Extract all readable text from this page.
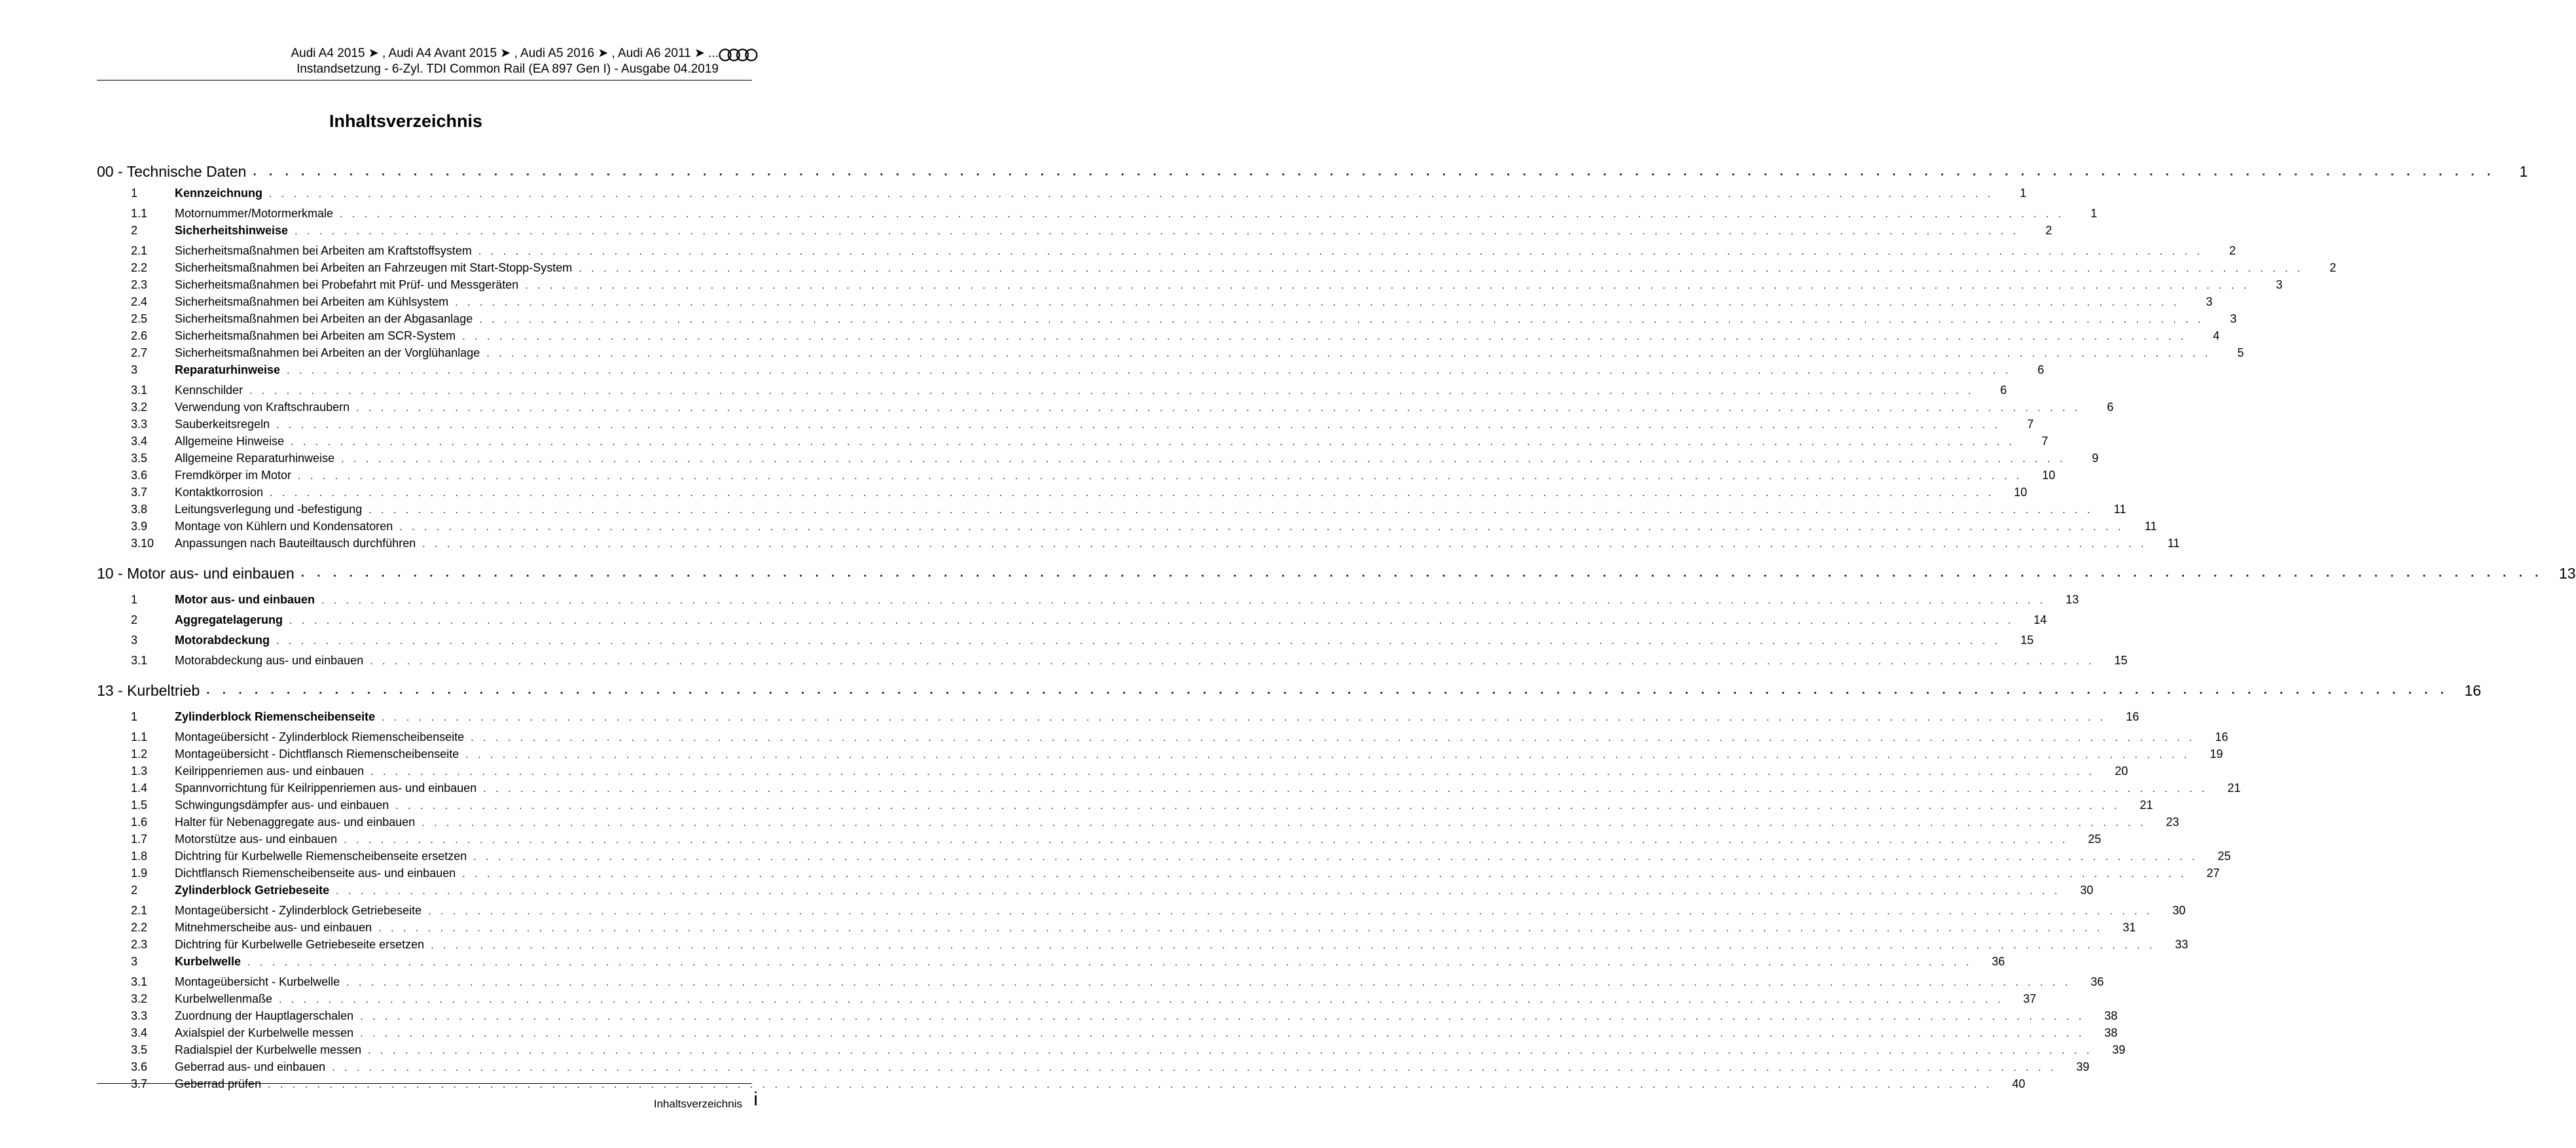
Audi A4 2015 ➤ , Audi A4 Avant 2015 ➤ , Audi A5 2016 ➤ , Audi A6 2011 ➤ ...
Instandsetzung - 6-Zyl. TDI Common Rail (EA 897 Gen I) - Ausgabe 04.2019
Inhaltsverzeichnis
00 - Technische Daten . . . . . . . . . . . . . . . . . . . . . . . . . . . . . . . . . . . . . . . . . . . . . . . . . . . . . . . . . . . . . . . . . . . . . . . . . . . . . . . . . . . . . . . . . . . . . . . . . . . . . . . . . . . . . . . . . . . . . . . . . . . . . . . . . . . . . . . . . . . .	1
1	Kennzeichnung . . . . . . . . . . . . . . . . . . . . . . . . . . . . . . . . . . . . . . . . . . . . . . . . . . . . . . . . . . . . . . . . . . . . . . . . . . . . . . . . . . . . . . . . . . . . . . . . . . . . . . . . . . . . . . . . . . . . . . . . . . . . . . . . . . . . . . . . . . . .	1
1.1	Motornummer/Motormerkmale . . . . . . . . . . . . . . . . . . . . . . . . . . . . . . . . . . . . . . . . . . . . . . . . . . . . . . . . . . . . . . . . . . . . . . . . . . . . . . . . . . . . . . . . . . . . . . . . . . . . . . . . . . . . . . . . . . . . . . . . . . . . . . . . . . . . . . . . . . . .	1
2	Sicherheitshinweise . . . . . . . . . . . . . . . . . . . . . . . . . . . . . . . . . . . . . . . . . . . . . . . . . . . . . . . . . . . . . . . . . . . . . . . . . . . . . . . . . . . . . . . . . . . . . . . . . . . . . . . . . . . . . . . . . . . . . . . . . . . . . . . . . . . . . . . . . . . .	2
2.1	Sicherheitsmaßnahmen bei Arbeiten am Kraftstoffsystem . . . . . . . . . . . . . . . . . . . . . . . . . . . . . . . . . . . . . . . . . . . . . . . . . . . . . . . . . . . . . . . . . . . . . . . . . . . . . . . . . . . . . . . . . . . . . . . . . . . . . . . . . . . . . . . . . . . . . . . . . . . . . . . . . . . . . . . . . . . .	2
2.2	Sicherheitsmaßnahmen bei Arbeiten an Fahrzeugen mit Start-Stopp-System . . . . . . . . . . . . . . . . . . . . . . . . . . . . . . . . . . . . . . . . . . . . . . . . . . . . . . . . . . . . . . . . . . . . . . . . . . . . . . . . . . . . . . . . . . . . . . . . . . . . . . . . . . . . . . . . . . . . . . . . . . . . . . . . . . . . . . . . . . . .	2
2.3	Sicherheitsmaßnahmen bei Probefahrt mit Prüf- und Messgeräten . . . . . . . . . . . . . . . . . . . . . . . . . . . . . . . . . . . . . . . . . . . . . . . . . . . . . . . . . . . . . . . . . . . . . . . . . . . . . . . . . . . . . . . . . . . . . . . . . . . . . . . . . . . . . . . . . . . . . . . . . . . . . . . . . . . . . . . . . . . .	3
2.4	Sicherheitsmaßnahmen bei Arbeiten am Kühlsystem . . . . . . . . . . . . . . . . . . . . . . . . . . . . . . . . . . . . . . . . . . . . . . . . . . . . . . . . . . . . . . . . . . . . . . . . . . . . . . . . . . . . . . . . . . . . . . . . . . . . . . . . . . . . . . . . . . . . . . . . . . . . . . . . . . . . . . . . . . . .	3
2.5	Sicherheitsmaßnahmen bei Arbeiten an der Abgasanlage . . . . . . . . . . . . . . . . . . . . . . . . . . . . . . . . . . . . . . . . . . . . . . . . . . . . . . . . . . . . . . . . . . . . . . . . . . . . . . . . . . . . . . . . . . . . . . . . . . . . . . . . . . . . . . . . . . . . . . . . . . . . . . . . . . . . . . . . . . . .	3
2.6	Sicherheitsmaßnahmen bei Arbeiten am SCR-System . . . . . . . . . . . . . . . . . . . . . . . . . . . . . . . . . . . . . . . . . . . . . . . . . . . . . . . . . . . . . . . . . . . . . . . . . . . . . . . . . . . . . . . . . . . . . . . . . . . . . . . . . . . . . . . . . . . . . . . . . . . . . . . . . . . . . . . . . . . .	4
2.7	Sicherheitsmaßnahmen bei Arbeiten an der Vorglühanlage . . . . . . . . . . . . . . . . . . . . . . . . . . . . . . . . . . . . . . . . . . . . . . . . . . . . . . . . . . . . . . . . . . . . . . . . . . . . . . . . . . . . . . . . . . . . . . . . . . . . . . . . . . . . . . . . . . . . . . . . . . . . . . . . . . . . . . . . . . . .	5
3	Reparaturhinweise . . . . . . . . . . . . . . . . . . . . . . . . . . . . . . . . . . . . . . . . . . . . . . . . . . . . . . . . . . . . . . . . . . . . . . . . . . . . . . . . . . . . . . . . . . . . . . . . . . . . . . . . . . . . . . . . . . . . . . . . . . . . . . . . . . . . . . . . . . . .	6
3.1	Kennschilder . . . . . . . . . . . . . . . . . . . . . . . . . . . . . . . . . . . . . . . . . . . . . . . . . . . . . . . . . . . . . . . . . . . . . . . . . . . . . . . . . . . . . . . . . . . . . . . . . . . . . . . . . . . . . . . . . . . . . . . . . . . . . . . . . . . . . . . . . . . .	6
3.2	Verwendung von Kraftschraubern . . . . . . . . . . . . . . . . . . . . . . . . . . . . . . . . . . . . . . . . . . . . . . . . . . . . . . . . . . . . . . . . . . . . . . . . . . . . . . . . . . . . . . . . . . . . . . . . . . . . . . . . . . . . . . . . . . . . . . . . . . . . . . . . . . . . . . . . . . . .	6
3.3	Sauberkeitsregeln . . . . . . . . . . . . . . . . . . . . . . . . . . . . . . . . . . . . . . . . . . . . . . . . . . . . . . . . . . . . . . . . . . . . . . . . . . . . . . . . . . . . . . . . . . . . . . . . . . . . . . . . . . . . . . . . . . . . . . . . . . . . . . . . . . . . . . . . . . . .	7
3.4	Allgemeine Hinweise . . . . . . . . . . . . . . . . . . . . . . . . . . . . . . . . . . . . . . . . . . . . . . . . . . . . . . . . . . . . . . . . . . . . . . . . . . . . . . . . . . . . . . . . . . . . . . . . . . . . . . . . . . . . . . . . . . . . . . . . . . . . . . . . . . . . . . . . . . . .	7
3.5	Allgemeine Reparaturhinweise . . . . . . . . . . . . . . . . . . . . . . . . . . . . . . . . . . . . . . . . . . . . . . . . . . . . . . . . . . . . . . . . . . . . . . . . . . . . . . . . . . . . . . . . . . . . . . . . . . . . . . . . . . . . . . . . . . . . . . . . . . . . . . . . . . . . . . . . . . . .	9
3.6	Fremdkörper im Motor . . . . . . . . . . . . . . . . . . . . . . . . . . . . . . . . . . . . . . . . . . . . . . . . . . . . . . . . . . . . . . . . . . . . . . . . . . . . . . . . . . . . . . . . . . . . . . . . . . . . . . . . . . . . . . . . . . . . . . . . . . . . . . . . . . . . . . . . . . . .	10
3.7	Kontaktkorrosion . . . . . . . . . . . . . . . . . . . . . . . . . . . . . . . . . . . . . . . . . . . . . . . . . . . . . . . . . . . . . . . . . . . . . . . . . . . . . . . . . . . . . . . . . . . . . . . . . . . . . . . . . . . . . . . . . . . . . . . . . . . . . . . . . . . . . . . . . . . .	10
3.8	Leitungsverlegung und -befestigung . . . . . . . . . . . . . . . . . . . . . . . . . . . . . . . . . . . . . . . . . . . . . . . . . . . . . . . . . . . . . . . . . . . . . . . . . . . . . . . . . . . . . . . . . . . . . . . . . . . . . . . . . . . . . . . . . . . . . . . . . . . . . . . . . . . . . . . . . . . .	11
3.9	Montage von Kühlern und Kondensatoren . . . . . . . . . . . . . . . . . . . . . . . . . . . . . . . . . . . . . . . . . . . . . . . . . . . . . . . . . . . . . . . . . . . . . . . . . . . . . . . . . . . . . . . . . . . . . . . . . . . . . . . . . . . . . . . . . . . . . . . . . . . . . . . . . . . . . . . . . . . .	11
3.10	Anpassungen nach Bauteiltausch durchführen . . . . . . . . . . . . . . . . . . . . . . . . . . . . . . . . . . . . . . . . . . . . . . . . . . . . . . . . . . . . . . . . . . . . . . . . . . . . . . . . . . . . . . . . . . . . . . . . . . . . . . . . . . . . . . . . . . . . . . . . . . . . . . . . . . . . . . . . . . . .	11
10 - Motor aus- und einbauen . . . . . . . . . . . . . . . . . . . . . . . . . . . . . . . . . . . . . . . . . . . . . . . . . . . . . . . . . . . . . . . . . . . . . . . . . . . . . . . . . . . . . . . . . . . . . . . . . . . . . . . . . . . . . . . . . . . . . . . . . . . . . . . . . . . . . . . . . . . .	13
1	Motor aus- und einbauen . . . . . . . . . . . . . . . . . . . . . . . . . . . . . . . . . . . . . . . . . . . . . . . . . . . . . . . . . . . . . . . . . . . . . . . . . . . . . . . . . . . . . . . . . . . . . . . . . . . . . . . . . . . . . . . . . . . . . . . . . . . . . . . . . . . . . . . . . . . .	13
2	Aggregatelagerung . . . . . . . . . . . . . . . . . . . . . . . . . . . . . . . . . . . . . . . . . . . . . . . . . . . . . . . . . . . . . . . . . . . . . . . . . . . . . . . . . . . . . . . . . . . . . . . . . . . . . . . . . . . . . . . . . . . . . . . . . . . . . . . . . . . . . . . . . . . .	14
3	Motorabdeckung . . . . . . . . . . . . . . . . . . . . . . . . . . . . . . . . . . . . . . . . . . . . . . . . . . . . . . . . . . . . . . . . . . . . . . . . . . . . . . . . . . . . . . . . . . . . . . . . . . . . . . . . . . . . . . . . . . . . . . . . . . . . . . . . . . . . . . . . . . . .	15
3.1	Motorabdeckung aus- und einbauen . . . . . . . . . . . . . . . . . . . . . . . . . . . . . . . . . . . . . . . . . . . . . . . . . . . . . . . . . . . . . . . . . . . . . . . . . . . . . . . . . . . . . . . . . . . . . . . . . . . . . . . . . . . . . . . . . . . . . . . . . . . . . . . . . . . . . . . . . . . .	15
13 - Kurbeltrieb . . . . . . . . . . . . . . . . . . . . . . . . . . . . . . . . . . . . . . . . . . . . . . . . . . . . . . . . . . . . . . . . . . . . . . . . . . . . . . . . . . . . . . . . . . . . . . . . . . . . . . . . . . . . . . . . . . . . . . . . . . . . . . . . . . . . . . . . . . . .	16
1	Zylinderblock Riemenscheibenseite . . . . . . . . . . . . . . . . . . . . . . . . . . . . . . . . . . . . . . . . . . . . . . . . . . . . . . . . . . . . . . . . . . . . . . . . . . . . . . . . . . . . . . . . . . . . . . . . . . . . . . . . . . . . . . . . . . . . . . . . . . . . . . . . . . . . . . . . . . . .	16
1.1	Montageübersicht - Zylinderblock Riemenscheibenseite . . . . . . . . . . . . . . . . . . . . . . . . . . . . . . . . . . . . . . . . . . . . . . . . . . . . . . . . . . . . . . . . . . . . . . . . . . . . . . . . . . . . . . . . . . . . . . . . . . . . . . . . . . . . . . . . . . . . . . . . . . . . . . . . . . . . . . . . . . . .	16
1.2	Montageübersicht - Dichtflansch Riemenscheibenseite . . . . . . . . . . . . . . . . . . . . . . . . . . . . . . . . . . . . . . . . . . . . . . . . . . . . . . . . . . . . . . . . . . . . . . . . . . . . . . . . . . . . . . . . . . . . . . . . . . . . . . . . . . . . . . . . . . . . . . . . . . . . . . . . . . . . . . . . . . . .	19
1.3	Keilrippenriemen aus- und einbauen . . . . . . . . . . . . . . . . . . . . . . . . . . . . . . . . . . . . . . . . . . . . . . . . . . . . . . . . . . . . . . . . . . . . . . . . . . . . . . . . . . . . . . . . . . . . . . . . . . . . . . . . . . . . . . . . . . . . . . . . . . . . . . . . . . . . . . . . . . . .	20
1.4	Spannvorrichtung für Keilrippenriemen aus- und einbauen . . . . . . . . . . . . . . . . . . . . . . . . . . . . . . . . . . . . . . . . . . . . . . . . . . . . . . . . . . . . . . . . . . . . . . . . . . . . . . . . . . . . . . . . . . . . . . . . . . . . . . . . . . . . . . . . . . . . . . . . . . . . . . . . . . . . . . . . . . . .	21
1.5	Schwingungsdämpfer aus- und einbauen . . . . . . . . . . . . . . . . . . . . . . . . . . . . . . . . . . . . . . . . . . . . . . . . . . . . . . . . . . . . . . . . . . . . . . . . . . . . . . . . . . . . . . . . . . . . . . . . . . . . . . . . . . . . . . . . . . . . . . . . . . . . . . . . . . . . . . . . . . . .	21
1.6	Halter für Nebenaggregate aus- und einbauen . . . . . . . . . . . . . . . . . . . . . . . . . . . . . . . . . . . . . . . . . . . . . . . . . . . . . . . . . . . . . . . . . . . . . . . . . . . . . . . . . . . . . . . . . . . . . . . . . . . . . . . . . . . . . . . . . . . . . . . . . . . . . . . . . . . . . . . . . . . .	23
1.7	Motorstütze aus- und einbauen . . . . . . . . . . . . . . . . . . . . . . . . . . . . . . . . . . . . . . . . . . . . . . . . . . . . . . . . . . . . . . . . . . . . . . . . . . . . . . . . . . . . . . . . . . . . . . . . . . . . . . . . . . . . . . . . . . . . . . . . . . . . . . . . . . . . . . . . . . . .	25
1.8	Dichtring für Kurbelwelle Riemenscheibenseite ersetzen . . . . . . . . . . . . . . . . . . . . . . . . . . . . . . . . . . . . . . . . . . . . . . . . . . . . . . . . . . . . . . . . . . . . . . . . . . . . . . . . . . . . . . . . . . . . . . . . . . . . . . . . . . . . . . . . . . . . . . . . . . . . . . . . . . . . . . . . . . . .	25
1.9	Dichtflansch Riemenscheibenseite aus- und einbauen . . . . . . . . . . . . . . . . . . . . . . . . . . . . . . . . . . . . . . . . . . . . . . . . . . . . . . . . . . . . . . . . . . . . . . . . . . . . . . . . . . . . . . . . . . . . . . . . . . . . . . . . . . . . . . . . . . . . . . . . . . . . . . . . . . . . . . . . . . . .	27
2	Zylinderblock Getriebeseite . . . . . . . . . . . . . . . . . . . . . . . . . . . . . . . . . . . . . . . . . . . . . . . . . . . . . . . . . . . . . . . . . . . . . . . . . . . . . . . . . . . . . . . . . . . . . . . . . . . . . . . . . . . . . . . . . . . . . . . . . . . . . . . . . . . . . . . . . . . .	30
2.1	Montageübersicht - Zylinderblock Getriebeseite . . . . . . . . . . . . . . . . . . . . . . . . . . . . . . . . . . . . . . . . . . . . . . . . . . . . . . . . . . . . . . . . . . . . . . . . . . . . . . . . . . . . . . . . . . . . . . . . . . . . . . . . . . . . . . . . . . . . . . . . . . . . . . . . . . . . . . . . . . . .	30
2.2	Mitnehmerscheibe aus- und einbauen . . . . . . . . . . . . . . . . . . . . . . . . . . . . . . . . . . . . . . . . . . . . . . . . . . . . . . . . . . . . . . . . . . . . . . . . . . . . . . . . . . . . . . . . . . . . . . . . . . . . . . . . . . . . . . . . . . . . . . . . . . . . . . . . . . . . . . . . . . . .	31
2.3	Dichtring für Kurbelwelle Getriebeseite ersetzen . . . . . . . . . . . . . . . . . . . . . . . . . . . . . . . . . . . . . . . . . . . . . . . . . . . . . . . . . . . . . . . . . . . . . . . . . . . . . . . . . . . . . . . . . . . . . . . . . . . . . . . . . . . . . . . . . . . . . . . . . . . . . . . . . . . . . . . . . . . .	33
3	Kurbelwelle . . . . . . . . . . . . . . . . . . . . . . . . . . . . . . . . . . . . . . . . . . . . . . . . . . . . . . . . . . . . . . . . . . . . . . . . . . . . . . . . . . . . . . . . . . . . . . . . . . . . . . . . . . . . . . . . . . . . . . . . . . . . . . . . . . . . . . . . . . . .	36
3.1	Montageübersicht - Kurbelwelle . . . . . . . . . . . . . . . . . . . . . . . . . . . . . . . . . . . . . . . . . . . . . . . . . . . . . . . . . . . . . . . . . . . . . . . . . . . . . . . . . . . . . . . . . . . . . . . . . . . . . . . . . . . . . . . . . . . . . . . . . . . . . . . . . . . . . . . . . . . .	36
3.2	Kurbelwellenmaße . . . . . . . . . . . . . . . . . . . . . . . . . . . . . . . . . . . . . . . . . . . . . . . . . . . . . . . . . . . . . . . . . . . . . . . . . . . . . . . . . . . . . . . . . . . . . . . . . . . . . . . . . . . . . . . . . . . . . . . . . . . . . . . . . . . . . . . . . . . .	37
3.3	Zuordnung der Hauptlagerschalen . . . . . . . . . . . . . . . . . . . . . . . . . . . . . . . . . . . . . . . . . . . . . . . . . . . . . . . . . . . . . . . . . . . . . . . . . . . . . . . . . . . . . . . . . . . . . . . . . . . . . . . . . . . . . . . . . . . . . . . . . . . . . . . . . . . . . . . . . . . .	38
3.4	Axialspiel der Kurbelwelle messen . . . . . . . . . . . . . . . . . . . . . . . . . . . . . . . . . . . . . . . . . . . . . . . . . . . . . . . . . . . . . . . . . . . . . . . . . . . . . . . . . . . . . . . . . . . . . . . . . . . . . . . . . . . . . . . . . . . . . . . . . . . . . . . . . . . . . . . . . . . .	38
3.5	Radialspiel der Kurbelwelle messen . . . . . . . . . . . . . . . . . . . . . . . . . . . . . . . . . . . . . . . . . . . . . . . . . . . . . . . . . . . . . . . . . . . . . . . . . . . . . . . . . . . . . . . . . . . . . . . . . . . . . . . . . . . . . . . . . . . . . . . . . . . . . . . . . . . . . . . . . . . .	39
3.6	Geberrad aus- und einbauen . . . . . . . . . . . . . . . . . . . . . . . . . . . . . . . . . . . . . . . . . . . . . . . . . . . . . . . . . . . . . . . . . . . . . . . . . . . . . . . . . . . . . . . . . . . . . . . . . . . . . . . . . . . . . . . . . . . . . . . . . . . . . . . . . . . . . . . . . . . .	39
3.7	Geberrad prüfen . . . . . . . . . . . . . . . . . . . . . . . . . . . . . . . . . . . . . . . . . . . . . . . . . . . . . . . . . . . . . . . . . . . . . . . . . . . . . . . . . . . . . . . . . . . . . . . . . . . . . . . . . . . . . . . . . . . . . . . . . . . . . . . . . . . . . . . . . . . .	40
Inhaltsverzeichnis i
